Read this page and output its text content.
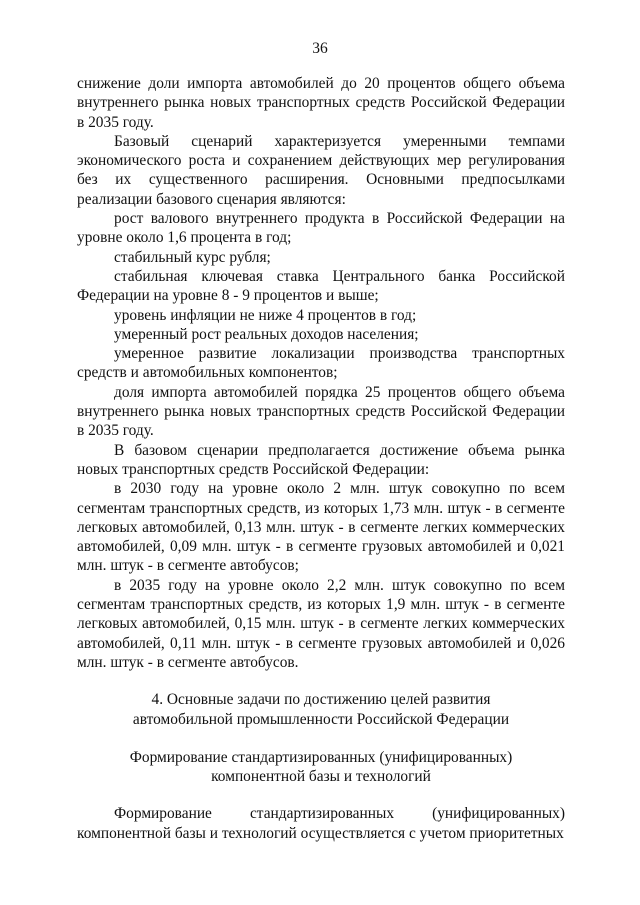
36

снижение доли импорта автомобилей до 20 процентов общего объема внутреннего рынка новых транспортных средств Российской Федерации в 2035 году.

Базовый сценарий характеризуется умеренными темпами экономического роста и сохранением действующих мер регулирования без их существенного расширения. Основными предпосылками реализации базового сценария являются:

рост валового внутреннего продукта в Российской Федерации на уровне около 1,6 процента в год;

стабильный курс рубля;

стабильная ключевая ставка Центрального банка Российской Федерации на уровне 8 - 9 процентов и выше;

уровень инфляции не ниже 4 процентов в год;

умеренный рост реальных доходов населения;

умеренное развитие локализации производства транспортных средств и автомобильных компонентов;

доля импорта автомобилей порядка 25 процентов общего объема внутреннего рынка новых транспортных средств Российской Федерации в 2035 году.

В базовом сценарии предполагается достижение объема рынка новых транспортных средств Российской Федерации:

в 2030 году на уровне около 2 млн. штук совокупно по всем сегментам транспортных средств, из которых 1,73 млн. штук - в сегменте легковых автомобилей, 0,13 млн. штук - в сегменте легких коммерческих автомобилей, 0,09 млн. штук - в сегменте грузовых автомобилей и 0,021 млн. штук - в сегменте автобусов;

в 2035 году на уровне около 2,2 млн. штук совокупно по всем сегментам транспортных средств, из которых 1,9 млн. штук - в сегменте легковых автомобилей, 0,15 млн. штук - в сегменте легких коммерческих автомобилей, 0,11 млн. штук - в сегменте грузовых автомобилей и 0,026 млн. штук - в сегменте автобусов.

4. Основные задачи по достижению целей развития

автомобильной промышленности Российской Федерации

Формирование стандартизированных (унифицированных)

компонентной базы и технологий

Формирование стандартизированных (унифицированных) компонентной базы и технологий осуществляется с учетом приоритетных
